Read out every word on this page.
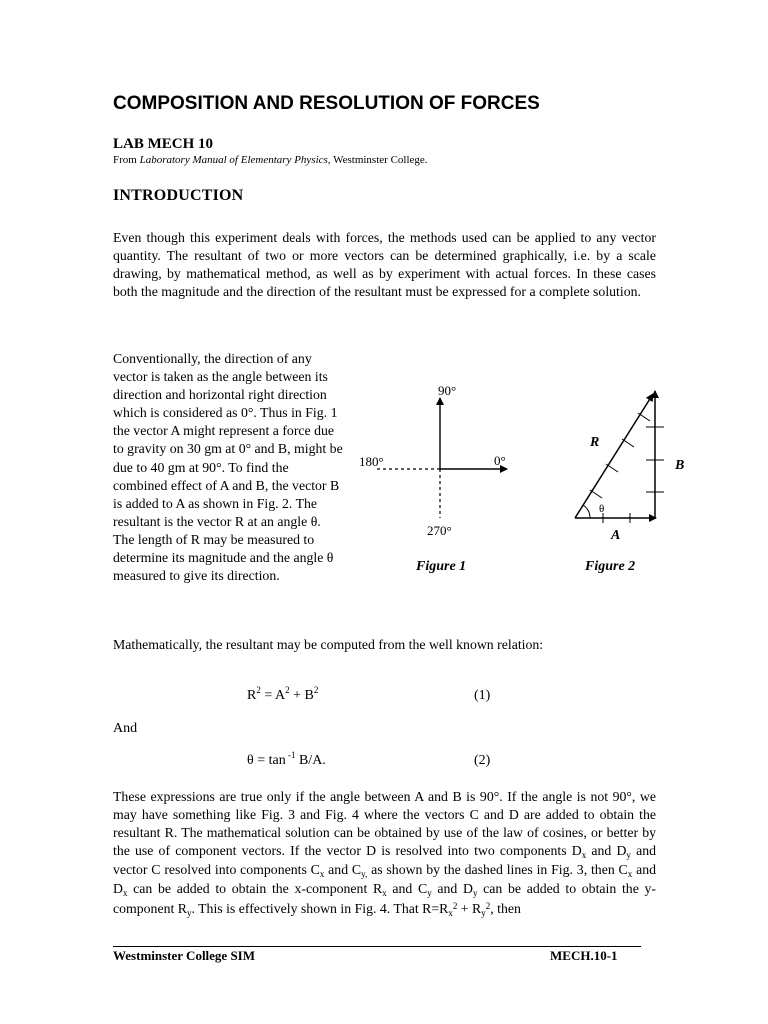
COMPOSITION AND RESOLUTION OF FORCES
LAB MECH 10
From Laboratory Manual of Elementary Physics, Westminster College.
INTRODUCTION
Even though this experiment deals with forces, the methods used can be applied to any vector quantity. The resultant of two or more vectors can be determined graphically, i.e. by a scale drawing, by mathematical method, as well as by experiment with actual forces. In these cases both the magnitude and the direction of the resultant must be expressed for a complete solution.
Conventionally, the direction of any vector is taken as the angle between its direction and horizontal right direction which is considered as 0°. Thus in Fig. 1 the vector A might represent a force due to gravity on 30 gm at 0° and B, might be due to 40 gm at 90°. To find the combined effect of A and B, the vector B is added to A as shown in Fig. 2. The resultant is the vector R at an angle θ. The length of R may be measured to determine its magnitude and the angle θ measured to give its direction.
90°
0°
180°
270°
Figure 1
θ
R
B
A
Figure 2
Mathematically, the resultant may be computed from the well known relation:
$R^2 = A^2 + B^2$	(1)
And
θ = tan $^{-1}$ B/A.	(2)
These expressions are true only if the angle between A and B is 90°. If the angle is not 90°, we may have something like Fig. 3 and Fig. 4 where the vectors C and D are added to obtain the resultant R. The mathematical solution can be obtained by use of the law of cosines, or better by the use of component vectors. If the vector D is resolved into two components $D_x$ and $D_y$ and vector C resolved into components $C_x$ and $C_{y,}$ as shown by the dashed lines in Fig. 3, then $C_x$ and $D_x$ can be added to obtain the x-component $R_x$ and $C_y$ and $D_y$ can be added to obtain the y-component $R_y$. This is effectively shown in Fig. 4. That $R=R_x^2 + R_y^2$, then
Westminster College SIM	MECH.10-1
